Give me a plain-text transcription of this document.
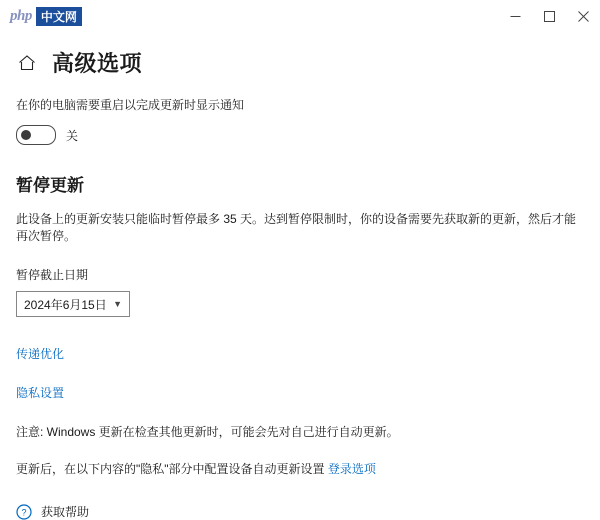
php 中文网
高级选项
在你的电脑需要重启以完成更新时显示通知
关
暂停更新
此设备上的更新安装只能临时暂停最多 35 天。达到暂停限制时，你的设备需要先获取新的更新，然后才能再次暂停。
暂停截止日期
2024年6月15日 ▼
传递优化
隐私设置
注意: Windows 更新在检查其他更新时，可能会先对自己进行自动更新。
更新后，在以下内容的"隐私"部分中配置设备自动更新设置 登录选项
? 获取帮助
